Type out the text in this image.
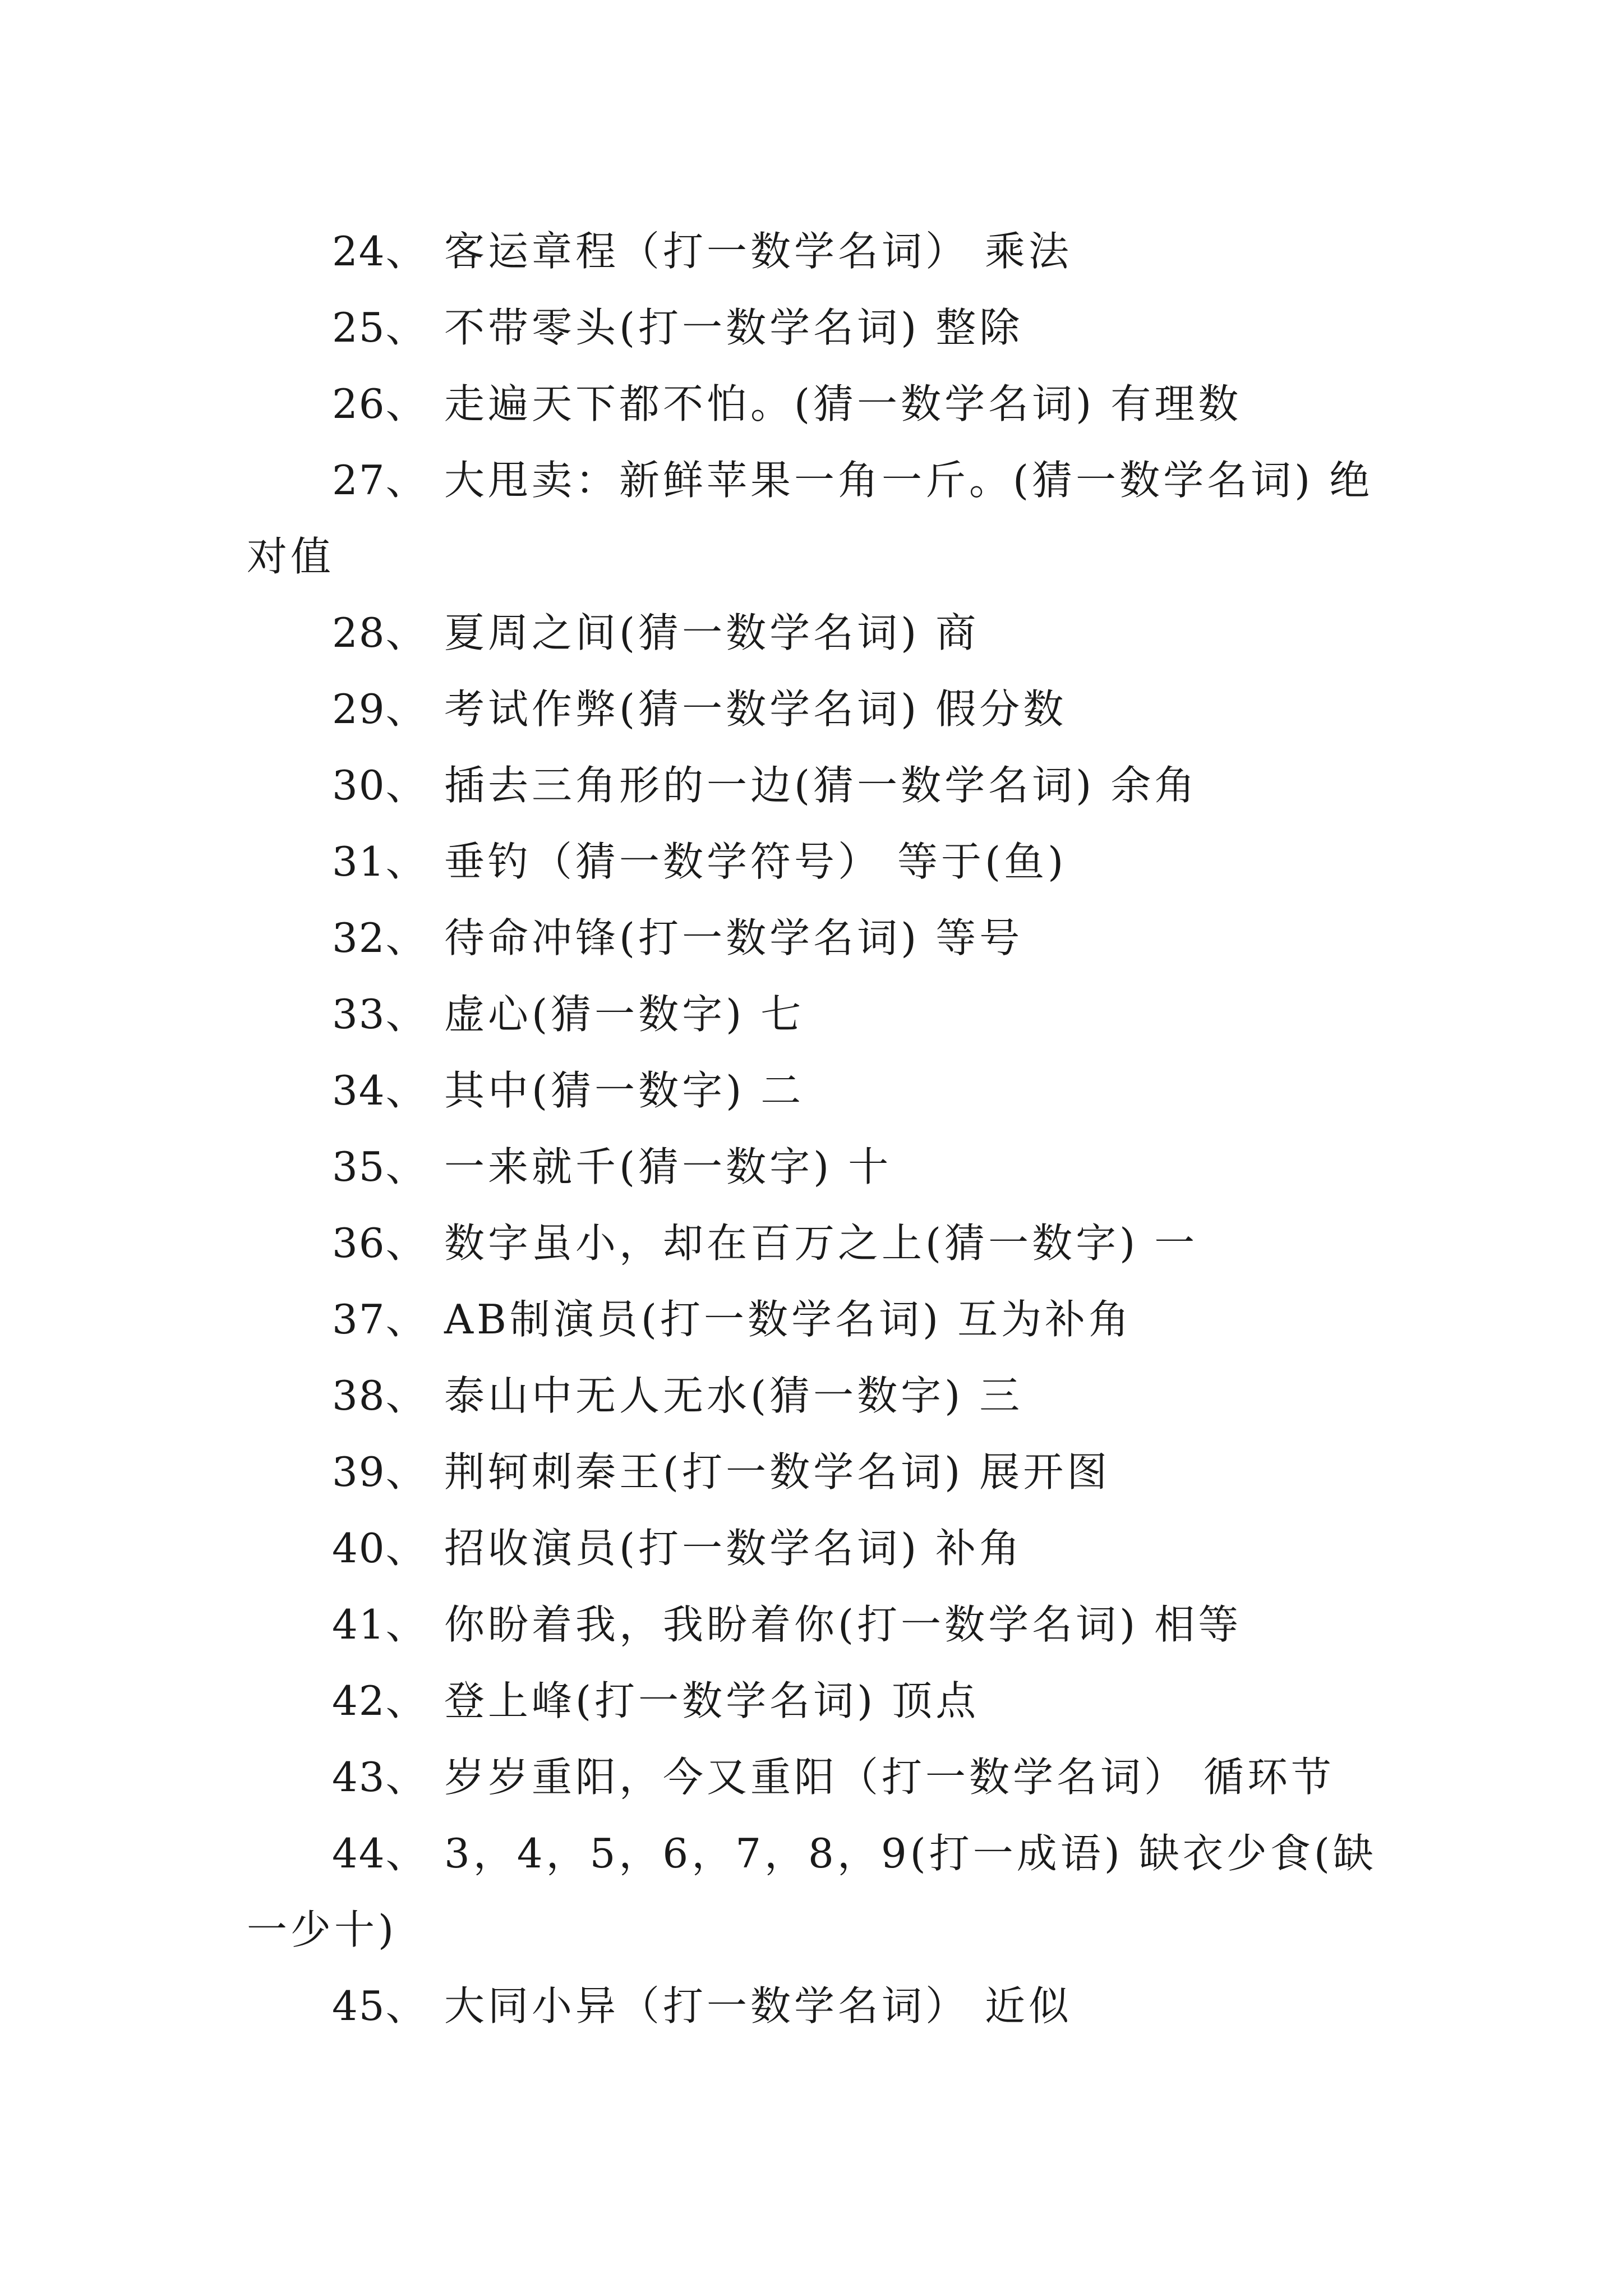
24、 客运章程（打一数学名词） 乘法

25、 不带零头(打一数学名词) 整除

26、 走遍天下都不怕。(猜一数学名词) 有理数

27、 大甩卖：新鲜苹果一角一斤。(猜一数学名词) 绝对值

28、 夏周之间(猜一数学名词) 商

29、 考试作弊(猜一数学名词) 假分数

30、 插去三角形的一边(猜一数学名词) 余角

31、 垂钓（猜一数学符号） 等于(鱼)

32、 待命冲锋(打一数学名词) 等号

33、 虚心(猜一数字) 七

34、 其中(猜一数字) 二

35、 一来就千(猜一数字) 十

36、 数字虽小，却在百万之上(猜一数字) 一

37、 AB制演员(打一数学名词) 互为补角

38、 泰山中无人无水(猜一数字) 三

39、 荆轲刺秦王(打一数学名词) 展开图

40、 招收演员(打一数学名词) 补角

41、 你盼着我，我盼着你(打一数学名词) 相等

42、 登上峰(打一数学名词) 顶点

43、 岁岁重阳，今又重阳（打一数学名词） 循环节

44、 3，4，5，6，7，8，9(打一成语) 缺衣少食(缺一少十)

45、 大同小异（打一数学名词） 近似
